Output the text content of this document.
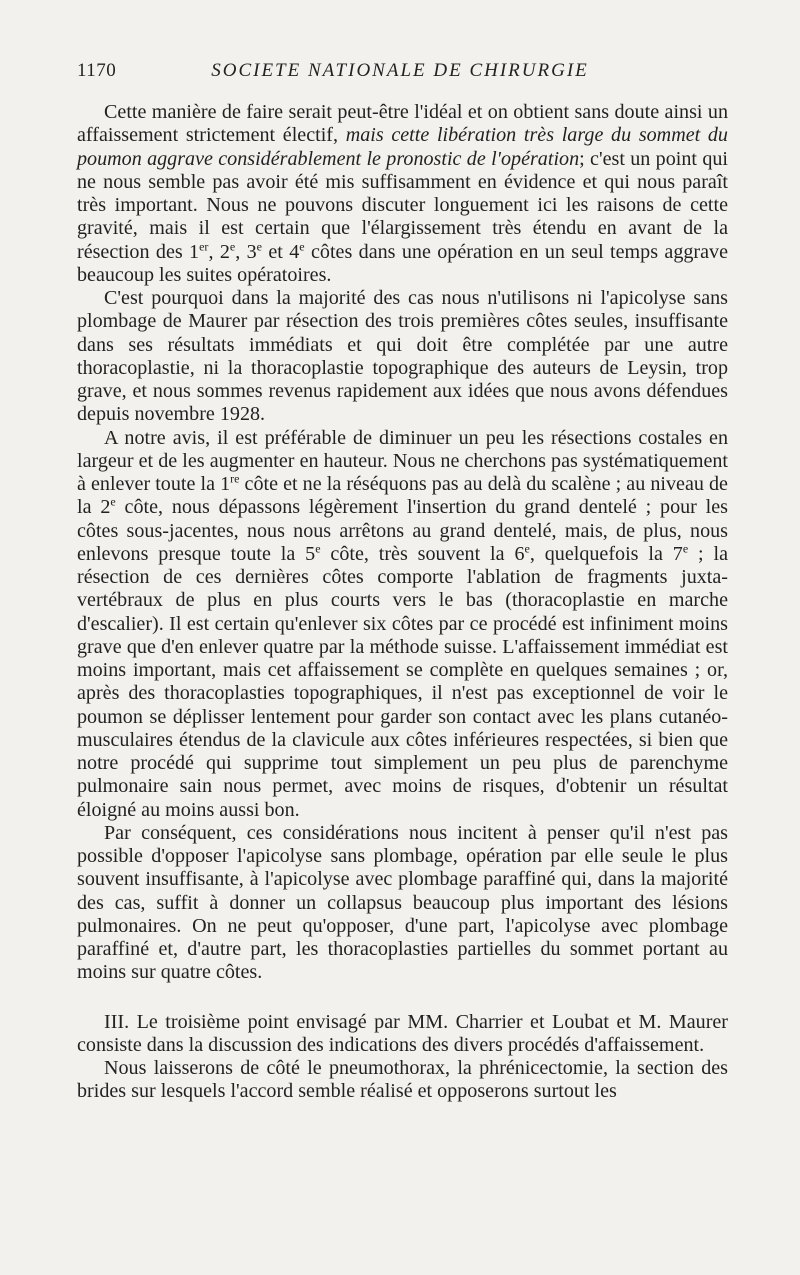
1170	SOCIETE NATIONALE DE CHIRURGIE

Cette manière de faire serait peut-être l'idéal et on obtient sans doute ainsi un affaissement strictement électif, mais cette libération très large du sommet du poumon aggrave considérablement le pronostic de l'opération; c'est un point qui ne nous semble pas avoir été mis suffisamment en évidence et qui nous paraît très important. Nous ne pouvons discuter longuement ici les raisons de cette gravité, mais il est certain que l'élargissement très étendu en avant de la résection des 1er, 2e, 3e et 4e côtes dans une opération en un seul temps aggrave beaucoup les suites opératoires.

C'est pourquoi dans la majorité des cas nous n'utilisons ni l'apicolyse sans plombage de Maurer par résection des trois premières côtes seules, insuffisante dans ses résultats immédiats et qui doit être complétée par une autre thoracoplastie, ni la thoracoplastie topographique des auteurs de Leysin, trop grave, et nous sommes revenus rapidement aux idées que nous avons défendues depuis novembre 1928.

A notre avis, il est préférable de diminuer un peu les résections costales en largeur et de les augmenter en hauteur. Nous ne cherchons pas systématiquement à enlever toute la 1re côte et ne la réséquons pas au delà du scalène ; au niveau de la 2e côte, nous dépassons légèrement l'insertion du grand dentelé ; pour les côtes sous-jacentes, nous nous arrêtons au grand dentelé, mais, de plus, nous enlevons presque toute la 5e côte, très souvent la 6e, quelquefois la 7e ; la résection de ces dernières côtes comporte l'ablation de fragments juxta-vertébraux de plus en plus courts vers le bas (thoracoplastie en marche d'escalier). Il est certain qu'enlever six côtes par ce procédé est infiniment moins grave que d'en enlever quatre par la méthode suisse. L'affaissement immédiat est moins important, mais cet affaissement se complète en quelques semaines ; or, après des thoracoplasties topographiques, il n'est pas exceptionnel de voir le poumon se déplisser lentement pour garder son contact avec les plans cutanéo-musculaires étendus de la clavicule aux côtes inférieures respectées, si bien que notre procédé qui supprime tout simplement un peu plus de parenchyme pulmonaire sain nous permet, avec moins de risques, d'obtenir un résultat éloigné au moins aussi bon.

Par conséquent, ces considérations nous incitent à penser qu'il n'est pas possible d'opposer l'apicolyse sans plombage, opération par elle seule le plus souvent insuffisante, à l'apicolyse avec plombage paraffiné qui, dans la majorité des cas, suffit à donner un collapsus beaucoup plus important des lésions pulmonaires. On ne peut qu'opposer, d'une part, l'apicolyse avec plombage paraffiné et, d'autre part, les thoracoplasties partielles du sommet portant au moins sur quatre côtes.

III. Le troisième point envisagé par MM. Charrier et Loubat et M. Maurer consiste dans la discussion des indications des divers procédés d'affaissement.

Nous laisserons de côté le pneumothorax, la phrénicectomie, la section des brides sur lesquels l'accord semble réalisé et opposerons surtout les
